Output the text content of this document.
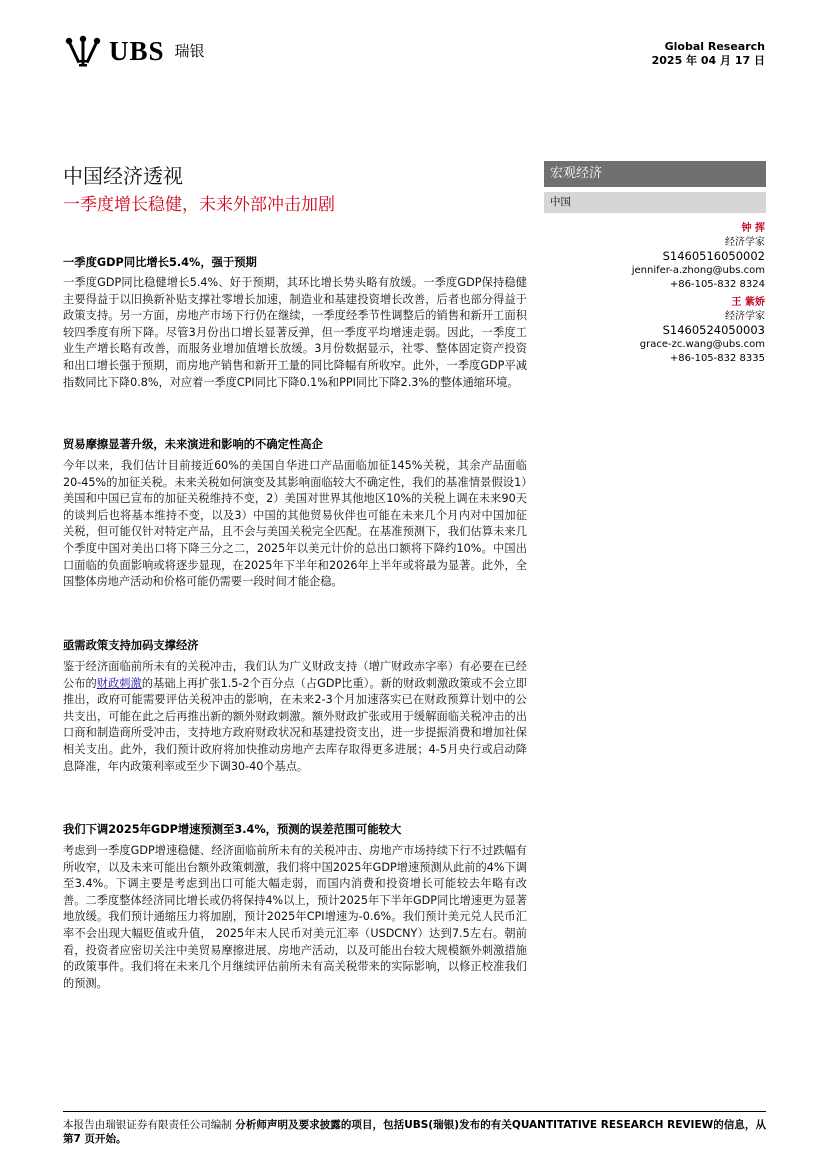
UBS 瑞银	Global Research
2025 年 04 月 17 日
中国经济透视
一季度增长稳健，未来外部冲击加剧
宏观经济
中国
钟 挥
经济学家
S1460516050002
jennifer-a.zhong@ubs.com
+86-105-832 8324
王 紫娇
经济学家
S1460524050003
grace-zc.wang@ubs.com
+86-105-832 8335
一季度GDP同比增长5.4%，强于预期

一季度GDP同比稳健增长5.4%、好于预期，其环比增长势头略有放缓。一季度GDP保持稳健主要得益于以旧换新补贴支撑社零增长加速，制造业和基建投资增长改善，后者也部分得益于政策支持。另一方面，房地产市场下行仍在继续，一季度经季节性调整后的销售和新开工面积较四季度有所下降。尽管3月份出口增长显著反弹，但一季度平均增速走弱。因此，一季度工业生产增长略有改善，而服务业增加值增长放缓。3月份数据显示，社零、整体固定资产投资和出口增长强于预期，而房地产销售和新开工量的同比降幅有所收窄。此外，一季度GDP平减指数同比下降0.8%，对应着一季度CPI同比下降0.1%和PPI同比下降2.3%的整体通缩环境。

贸易摩擦显著升级，未来演进和影响的不确定性高企

今年以来，我们估计目前接近60%的美国自华进口产品面临加征145%关税，其余产品面临20-45%的加征关税。未来关税如何演变及其影响面临较大不确定性，我们的基准情景假设1）美国和中国已宣布的加征关税维持不变，2）美国对世界其他地区10%的关税上调在未来90天的谈判后也将基本维持不变，以及3）中国的其他贸易伙伴也可能在未来几个月内对中国加征关税，但可能仅针对特定产品，且不会与美国关税完全匹配。在基准预测下，我们估算未来几个季度中国对美出口将下降三分之二，2025年以美元计价的总出口额将下降约10%。中国出口面临的负面影响或将逐步显现，在2025年下半年和2026年上半年或将最为显著。此外，全国整体房地产活动和价格可能仍需要一段时间才能企稳。

亟需政策支持加码支撑经济

鉴于经济面临前所未有的关税冲击，我们认为广义财政支持（增广财政赤字率）有必要在已经公布的财政刺激的基础上再扩张1.5-2个百分点（占GDP比重）。新的财政刺激政策或不会立即推出，政府可能需要评估关税冲击的影响，在未来2-3个月加速落实已在财政预算计划中的公共支出，可能在此之后再推出新的额外财政刺激。额外财政扩张或用于缓解面临关税冲击的出口商和制造商所受冲击，支持地方政府财政状况和基建投资支出，进一步提振消费和增加社保相关支出。此外，我们预计政府将加快推动房地产去库存取得更多进展；4-5月央行或启动降息降准，年内政策利率或至少下调30-40个基点。

我们下调2025年GDP增速预测至3.4%，预测的误差范围可能较大

考虑到一季度GDP增速稳健、经济面临前所未有的关税冲击、房地产市场持续下行不过跌幅有所收窄，以及未来可能出台额外政策刺激，我们将中国2025年GDP增速预测从此前的4%下调至3.4%。下调主要是考虑到出口可能大幅走弱，而国内消费和投资增长可能较去年略有改善。二季度整体经济同比增长或仍将保持4%以上，预计2025年下半年GDP同比增速更为显著地放缓。我们预计通缩压力将加剧，预计2025年CPI增速为-0.6%。我们预计美元兑人民币汇率不会出现大幅贬值或升值， 2025年末人民币对美元汇率（USDCNY）达到7.5左右。朝前看，投资者应密切关注中美贸易摩擦进展、房地产活动，以及可能出台较大规模额外刺激措施的政策事件。我们将在未来几个月继续评估前所未有高关税带来的实际影响，以修正校准我们的预测。

本报告由瑞银证券有限责任公司编制 分析师声明及要求披露的项目，包括UBS(瑞银)发布的有关QUANTITATIVE RESEARCH REVIEW的信息，从第7 页开始。
